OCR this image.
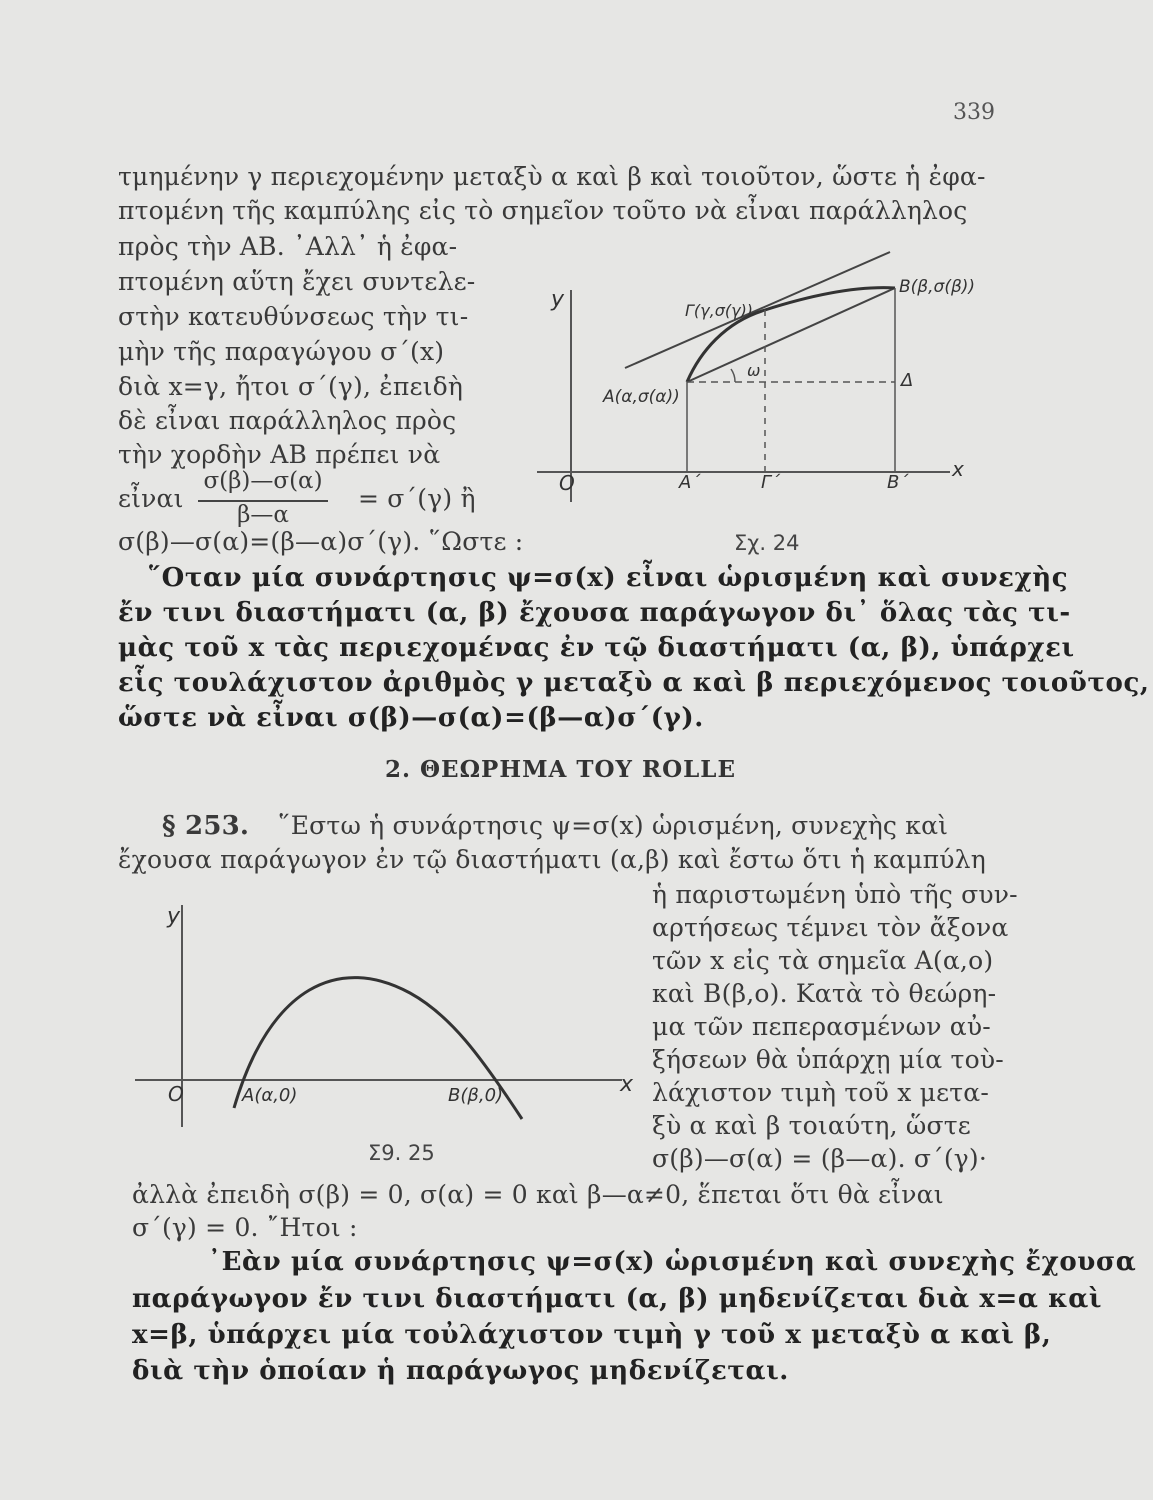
339
τμημένην γ περιεχομένην μεταξὺ α καὶ β καὶ τοιοῦτον, ὥστε ἡ ἐφα-
πτομένη τῆς καμπύλης εἰς τὸ σημεῖον τοῦτο νὰ εἶναι παράλληλος
πρὸς τὴν ΑΒ. ᾿Αλλ᾿ ἡ ἐφα-
πτομένη αὕτη ἔχει συντελε-
στὴν κατευθύνσεως τὴν τι-
μὴν τῆς παραγώγου σ΄(x)
διὰ x=γ, ἤτοι σ΄(γ), ἐπειδὴ
δὲ εἶναι παράλληλος πρὸς
τὴν χορδὴν ΑΒ πρέπει νὰ
εἶναι
σ(β)—σ(α)
β—α
= σ΄(γ) ἢ
σ(β)—σ(α)=(β—α)σ΄(γ). ῞Ωστε :
y
x
O
A(α,σ(α))
B(β,σ(β))
Γ(γ,σ(γ))
Δ
ω
A΄	Γ΄	B΄
Σχ. 24
῞Οταν μία συνάρτησις ψ=σ(x) εἶναι ὡρισμένη καὶ συνεχὴς
ἔν τινι διαστήματι (α, β) ἔχουσα παράγωγον δι᾿ ὅλας τὰς τι-
μὰς τοῦ x τὰς περιεχομένας ἐν τῷ διαστήματι (α, β), ὑπάρχει
εἷς τουλάχιστον ἀριθμὸς γ μεταξὺ α καὶ β περιεχόμενος τοιοῦτος,
ὥστε νὰ εἶναι σ(β)—σ(α)=(β—α)σ΄(γ).
2. ΘΕΩΡΗΜΑ ΤΟΥ ROLLE
§ 253. ῞Εστω ἡ συνάρτησις ψ=σ(x) ὡρισμένη, συνεχὴς καὶ
ἔχουσα παράγωγον ἐν τῷ διαστήματι (α,β) καὶ ἔστω ὅτι ἡ καμπύλη
ἡ παριστωμένη ὑπὸ τῆς συν-
αρτήσεως τέμνει τὸν ἄξονα
τῶν x εἰς τὰ σημεῖα Α(α,ο)
καὶ Β(β,ο). Κατὰ τὸ θεώρη-
μα τῶν πεπερασμένων αὐ-
ξήσεων θὰ ὑπάρχῃ μία τοὺ-
λάχιστον τιμὴ τοῦ x μετα-
ξὺ α καὶ β τοιαύτη, ὥστε
σ(β)—σ(α) = (β—α). σ΄(γ)·
ἀλλὰ ἐπειδὴ σ(β) = 0, σ(α) = 0 καὶ β—α≠0, ἕπεται ὅτι θὰ εἶναι
σ΄(γ) = 0. ῎Ητοι :
y
x
O	A(α,0)	B(β,0)
Σ9. 25
᾿Εὰν μία συνάρτησις ψ=σ(x) ὡρισμένη καὶ συνεχὴς ἔχουσα
παράγωγον ἔν τινι διαστήματι (α, β) μηδενίζεται διὰ x=α καὶ
x=β, ὑπάρχει μία τοὐλάχιστον τιμὴ γ τοῦ x μεταξὺ α καὶ β,
διὰ τὴν ὁποίαν ἡ παράγωγος μηδενίζεται.
